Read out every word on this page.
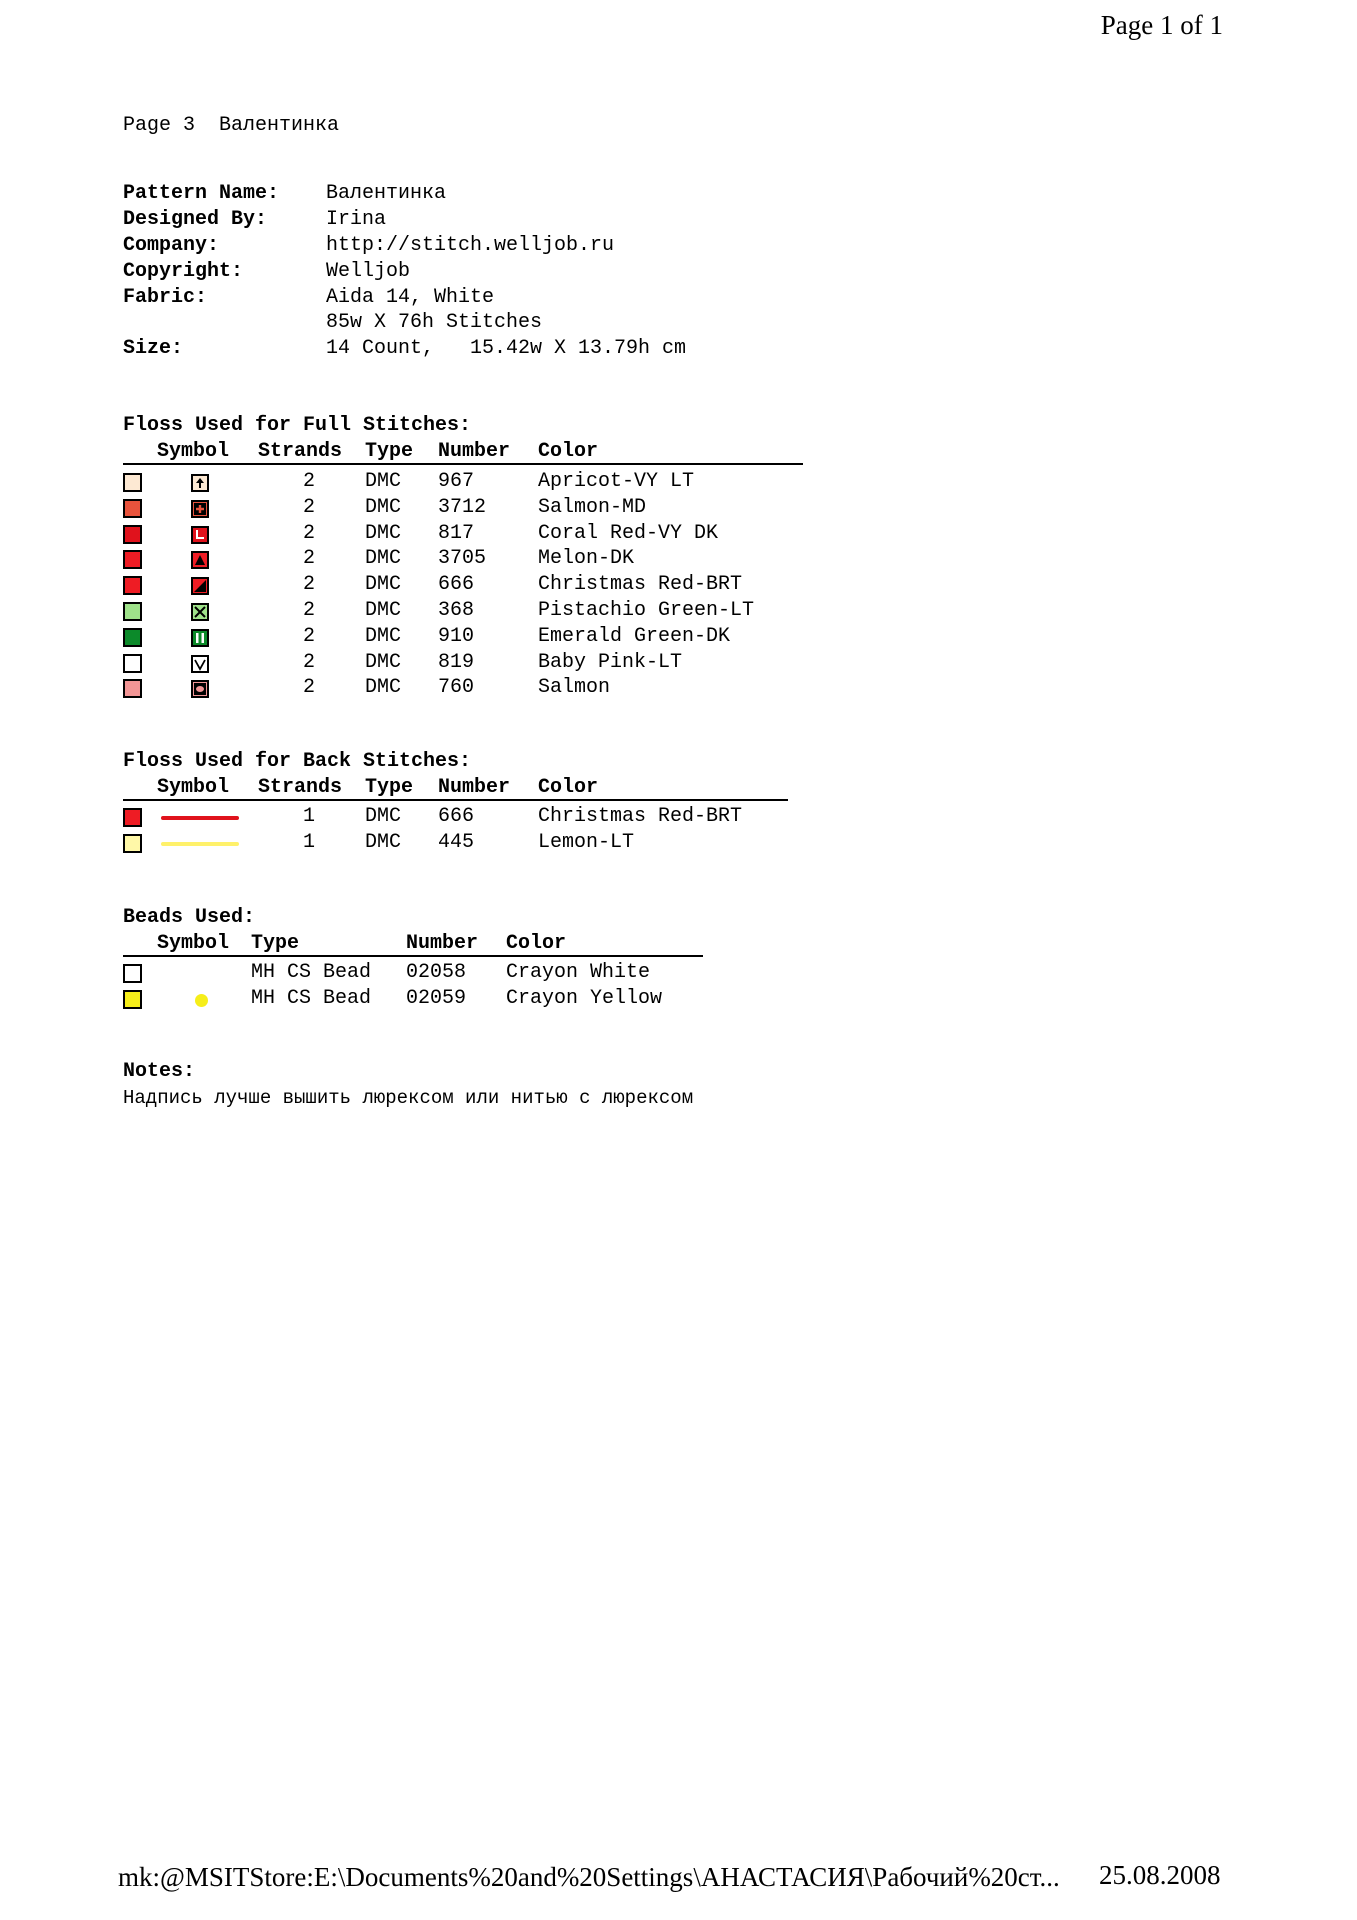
Page 1 of 1
Page 3  Валентинка
Pattern Name: Валентинка
Designed By:	Irina
Company:	http://stitch.welljob.ru
Copyright:	Welljob
Fabric:	Aida 14, White
85w X 76h Stitches
Size:	14 Count,   15.42w X 13.79h cm
Floss Used for Full Stitches:
Symbol Strands Type Number Color
2 DMC 967	Apricot-VY LT
2 DMC 3712	Salmon-MD
2 DMC 817	Coral Red-VY DK
2 DMC 3705	Melon-DK
2 DMC 666	Christmas Red-BRT
2 DMC 368	Pistachio Green-LT
2 DMC 910	Emerald Green-DK
2 DMC 819	Baby Pink-LT
2 DMC 760	Salmon
Floss Used for Back Stitches:
Symbol Strands Type Number Color
1 DMC 666	Christmas Red-BRT
1 DMC 445	Lemon-LT
Beads Used:
Symbol Type	Number Color
MH CS Bead 02058 Crayon White
MH CS Bead 02059 Crayon Yellow
Notes:
Надпись лучше вышить люрексом или нитью с люрексом
mk:@MSITStore:E:\Documents%20and%20Settings\АНАСТАСИЯ\Рабочий%20ст... 25.08.2008
